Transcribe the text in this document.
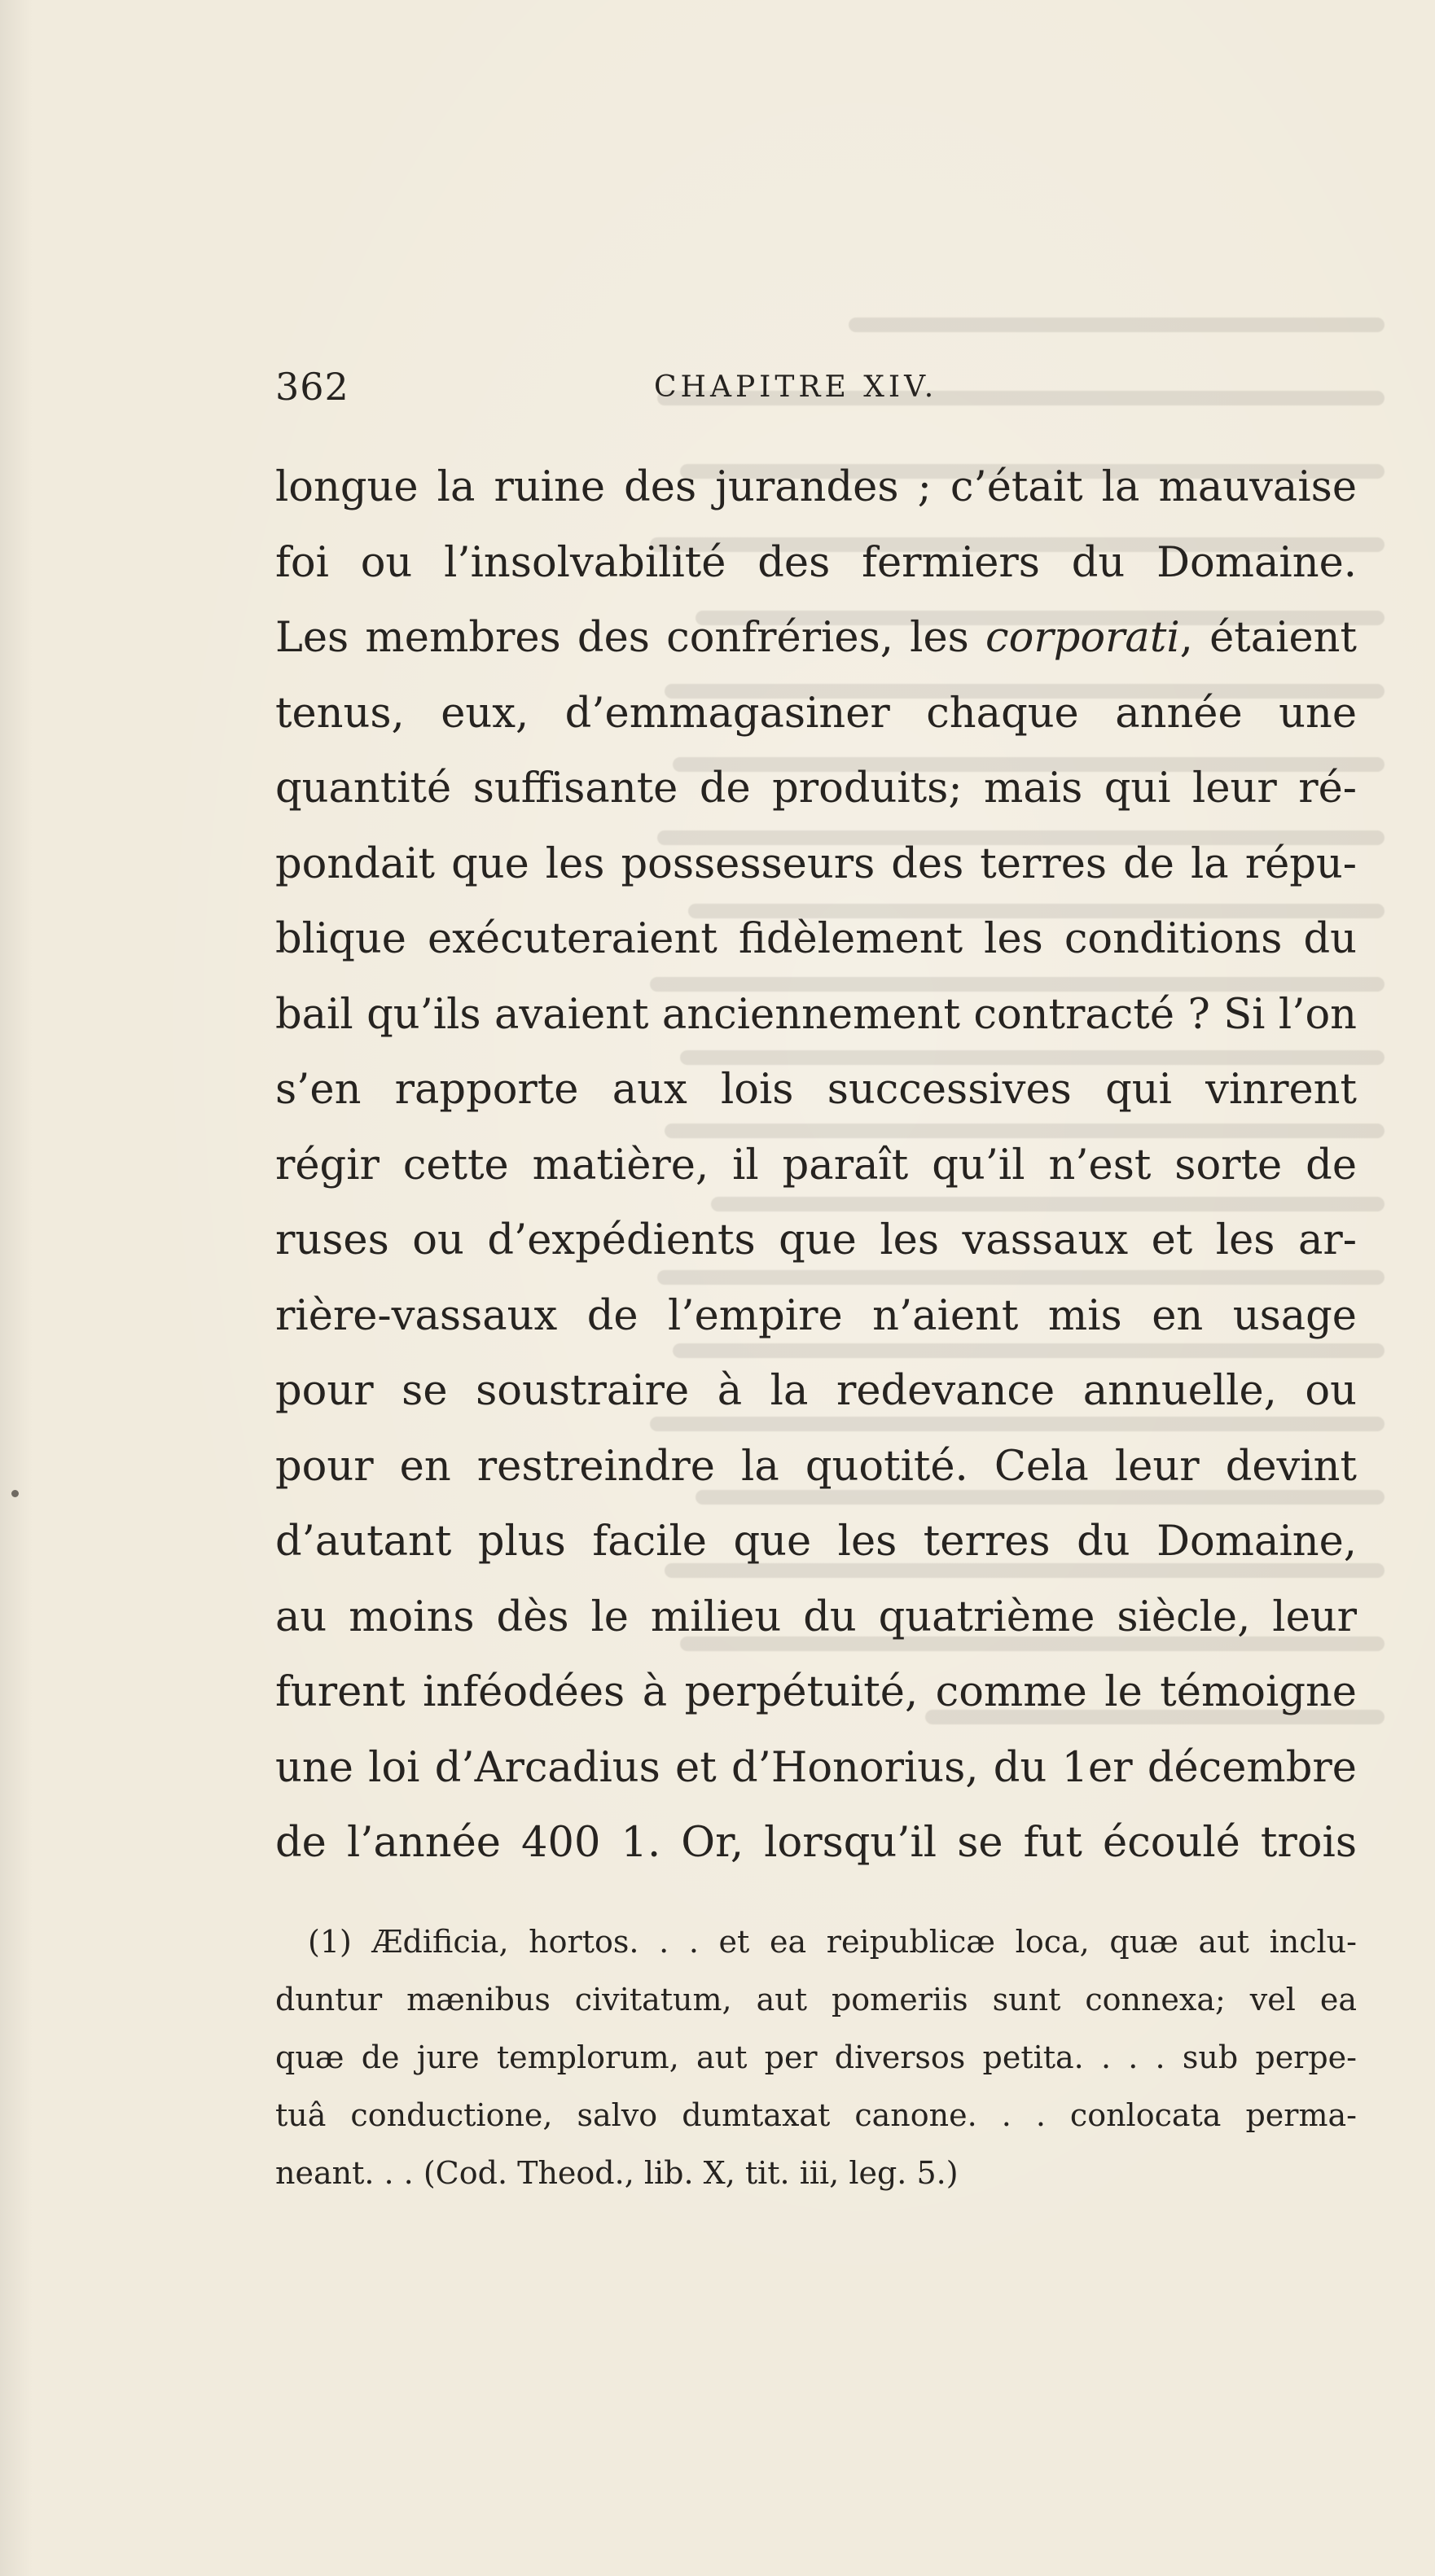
362	CHAPITRE XIV.
longue la ruine des jurandes ; c’était la mauvaise
foi ou l’insolvabilité des fermiers du Domaine.
Les membres des confréries, les corporati, étaient
tenus, eux, d’emmagasiner chaque année une
quantité suffisante de produits; mais qui leur ré-
pondait que les possesseurs des terres de la répu-
blique exécuteraient fidèlement les conditions du
bail qu’ils avaient anciennement contracté ? Si l’on
s’en rapporte aux lois successives qui vinrent
régir cette matière, il paraît qu’il n’est sorte de
ruses ou d’expédients que les vassaux et les ar-
rière-vassaux de l’empire n’aient mis en usage
pour se soustraire à la redevance annuelle, ou
pour en restreindre la quotité. Cela leur devint
d’autant plus facile que les terres du Domaine,
au moins dès le milieu du quatrième siècle, leur
furent inféodées à perpétuité, comme le témoigne
une loi d’Arcadius et d’Honorius, du 1er décembre
de l’année 400 1. Or, lorsqu’il se fut écoulé trois
(1) Ædificia, hortos. . . et ea reipublicæ loca, quæ aut inclu-
duntur mænibus civitatum, aut pomeriis sunt connexa; vel ea
quæ de jure templorum, aut per diversos petita. . . . sub perpe-
tuâ conductione, salvo dumtaxat canone. . . conlocata perma-
neant. . . (Cod. Theod., lib. X, tit. iii, leg. 5.)
